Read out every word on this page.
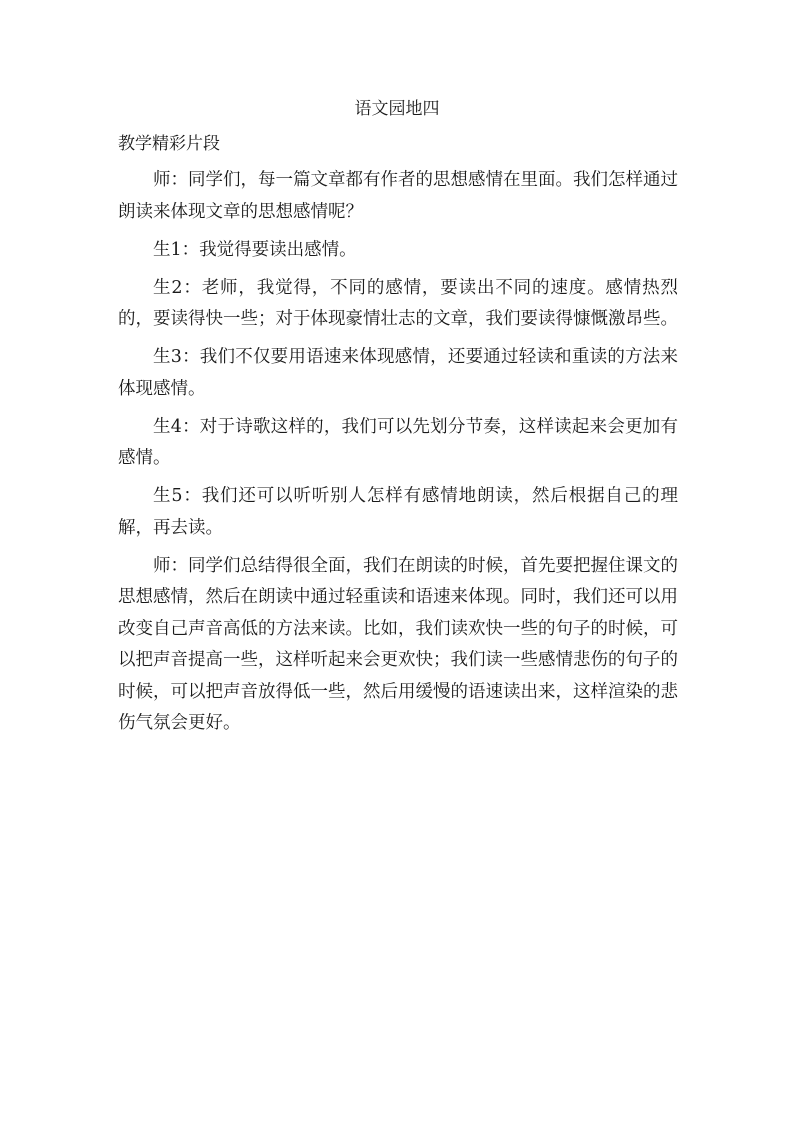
语文园地四
教学精彩片段

师：同学们，每一篇文章都有作者的思想感情在里面。我们怎样通过朗读来体现文章的思想感情呢？

生1：我觉得要读出感情。

生2：老师，我觉得，不同的感情，要读出不同的速度。感情热烈的，要读得快一些；对于体现豪情壮志的文章，我们要读得慷慨激昂些。

生3：我们不仅要用语速来体现感情，还要通过轻读和重读的方法来体现感情。

生4：对于诗歌这样的，我们可以先划分节奏，这样读起来会更加有感情。

生5：我们还可以听听别人怎样有感情地朗读，然后根据自己的理解，再去读。

师：同学们总结得很全面，我们在朗读的时候，首先要把握住课文的思想感情，然后在朗读中通过轻重读和语速来体现。同时，我们还可以用改变自己声音高低的方法来读。比如，我们读欢快一些的句子的时候，可以把声音提高一些，这样听起来会更欢快；我们读一些感情悲伤的句子的时候，可以把声音放得低一些，然后用缓慢的语速读出来，这样渲染的悲伤气氛会更好。
